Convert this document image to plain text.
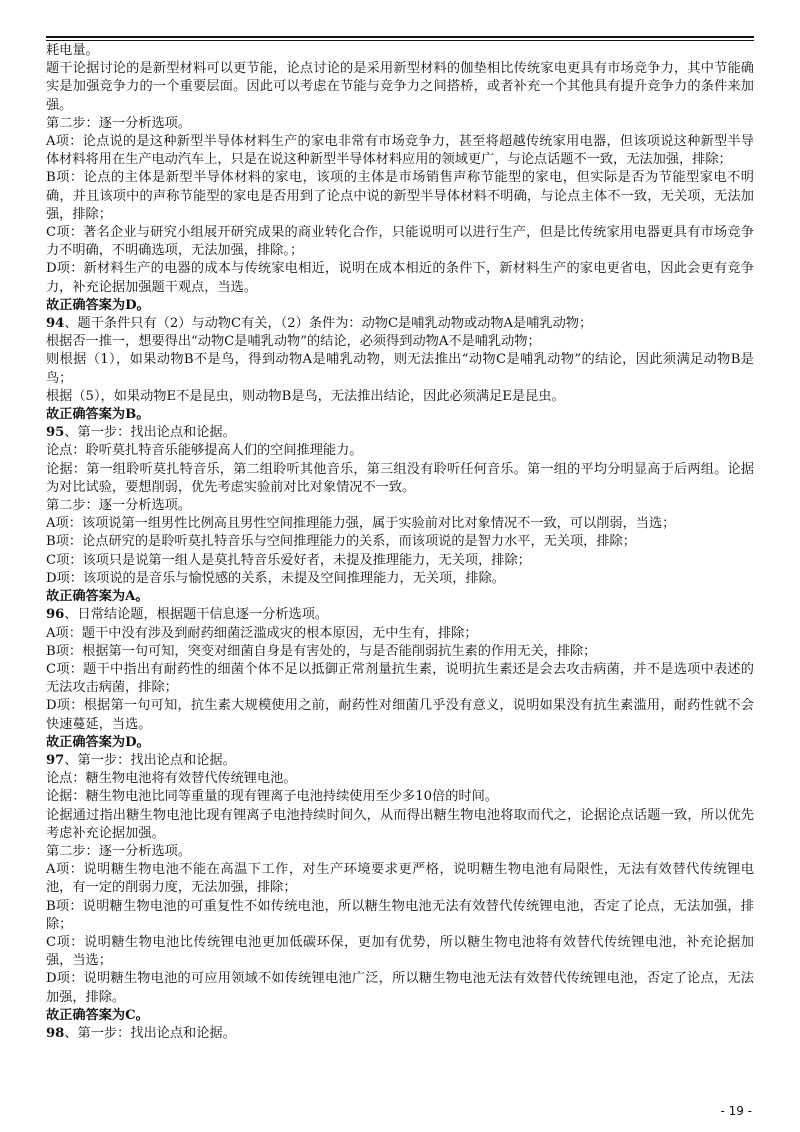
耗电量。

题干论据讨论的是新型材料可以更节能，论点讨论的是采用新型材料的伽垫相比传统家电更具有市场竞争力，其中节能确实是加强竞争力的一个重要层面。因此可以考虑在节能与竞争力之间搭桥，或者补充一个其他具有提升竞争力的条件来加强。

第二步：逐一分析选项。

A项：论点说的是这种新型半导体材料生产的家电非常有市场竞争力，甚至将超越传统家用电器，但该项说这种新型半导体材料将用在生产电动汽车上，只是在说这种新型半导体材料应用的领域更广，与论点话题不一致，无法加强，排除；

B项：论点的主体是新型半导体材料的家电，该项的主体是市场销售声称节能型的家电，但实际是否为节能型家电不明确，并且该项中的声称节能型的家电是否用到了论点中说的新型半导体材料不明确，与论点主体不一致，无关项，无法加强，排除；

C项：著名企业与研究小组展开研究成果的商业转化合作，只能说明可以进行生产，但是比传统家用电器更具有市场竞争力不明确，不明确选项，无法加强，排除。；

D项：新材料生产的电器的成本与传统家电相近，说明在成本相近的条件下，新材料生产的家电更省电，因此会更有竞争力，补充论据加强题干观点，当选。

故正确答案为D。

94、题干条件只有（2）与动物C有关，（2）条件为：动物C是哺乳动物或动物A是哺乳动物；

根据否一推一，想要得出“动物C是哺乳动物”的结论，必须得到动物A不是哺乳动物；

则根据（1），如果动物B不是鸟，得到动物A是哺乳动物，则无法推出“动物C是哺乳动物”的结论，因此须满足动物B是鸟；

根据（5），如果动物E不是昆虫，则动物B是鸟，无法推出结论，因此必须满足E是昆虫。

故正确答案为B。

95、第一步：找出论点和论据。

论点：聆听莫扎特音乐能够提高人们的空间推理能力。

论据：第一组聆听莫扎特音乐，第二组聆听其他音乐，第三组没有聆听任何音乐。第一组的平均分明显高于后两组。论据为对比试验，要想削弱，优先考虑实验前对比对象情况不一致。

第二步：逐一分析选项。

A项：该项说第一组男性比例高且男性空间推理能力强，属于实验前对比对象情况不一致，可以削弱，当选；

B项：论点研究的是聆听莫扎特音乐与空间推理能力的关系，而该项说的是智力水平，无关项，排除；

C项：该项只是说第一组人是莫扎特音乐爱好者，未提及推理能力，无关项，排除；

D项：该项说的是音乐与愉悦感的关系，未提及空间推理能力，无关项，排除。

故正确答案为A。

96、日常结论题，根据题干信息逐一分析选项。

A项：题干中没有涉及到耐药细菌泛滥成灾的根本原因，无中生有，排除；

B项：根据第一句可知，突变对细菌自身是有害处的，与是否能削弱抗生素的作用无关，排除；

C项：题干中指出有耐药性的细菌个体不足以抵御正常剂量抗生素，说明抗生素还是会去攻击病菌，并不是选项中表述的无法攻击病菌，排除；

D项：根据第一句可知，抗生素大规模使用之前，耐药性对细菌几乎没有意义，说明如果没有抗生素滥用，耐药性就不会快速蔓延，当选。

故正确答案为D。

97、第一步：找出论点和论据。

论点：糖生物电池将有效替代传统锂电池。

论据：糖生物电池比同等重量的现有锂离子电池持续使用至少多10倍的时间。

论据通过指出糖生物电池比现有锂离子电池持续时间久，从而得出糖生物电池将取而代之，论据论点话题一致，所以优先考虑补充论据加强。

第二步：逐一分析选项。

A项：说明糖生物电池不能在高温下工作，对生产环境要求更严格，说明糖生物电池有局限性，无法有效替代传统锂电池，有一定的削弱力度，无法加强，排除；

B项：说明糖生物电池的可重复性不如传统电池，所以糖生物电池无法有效替代传统锂电池，否定了论点，无法加强，排除；

C项：说明糖生物电池比传统锂电池更加低碳环保，更加有优势，所以糖生物电池将有效替代传统锂电池，补充论据加强，当选；

D项：说明糖生物电池的可应用领域不如传统锂电池广泛，所以糖生物电池无法有效替代传统锂电池，否定了论点，无法加强，排除。

故正确答案为C。

98、第一步：找出论点和论据。

- 19 -
